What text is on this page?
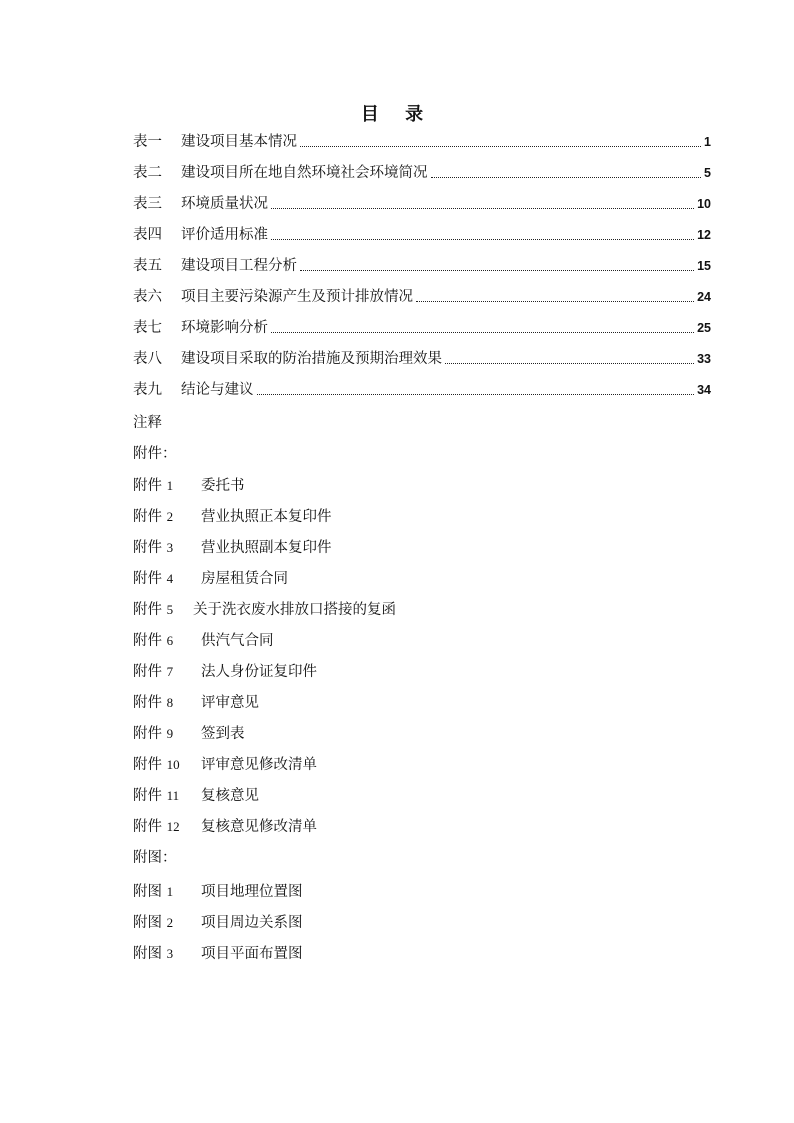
目 录
表一	建设项目基本情况	1
表二	建设项目所在地自然环境社会环境简况	5
表三	环境质量状况	10
表四	评价适用标准	12
表五	建设项目工程分析	15
表六	项目主要污染源产生及预计排放情况	24
表七	环境影响分析	25
表八	建设项目采取的防治措施及预期治理效果	33
表九	结论与建议	34
注释
附件：
附件 1 委托书
附件 2 营业执照正本复印件
附件 3 营业执照副本复印件
附件 4 房屋租赁合同
附件 5 关于洗衣废水排放口搭接的复函
附件 6 供汽气合同
附件 7 法人身份证复印件
附件 8 评审意见
附件 9 签到表
附件 10 评审意见修改清单
附件 11 复核意见
附件 12 复核意见修改清单
附图：
附图 1 项目地理位置图
附图 2 项目周边关系图
附图 3 项目平面布置图
